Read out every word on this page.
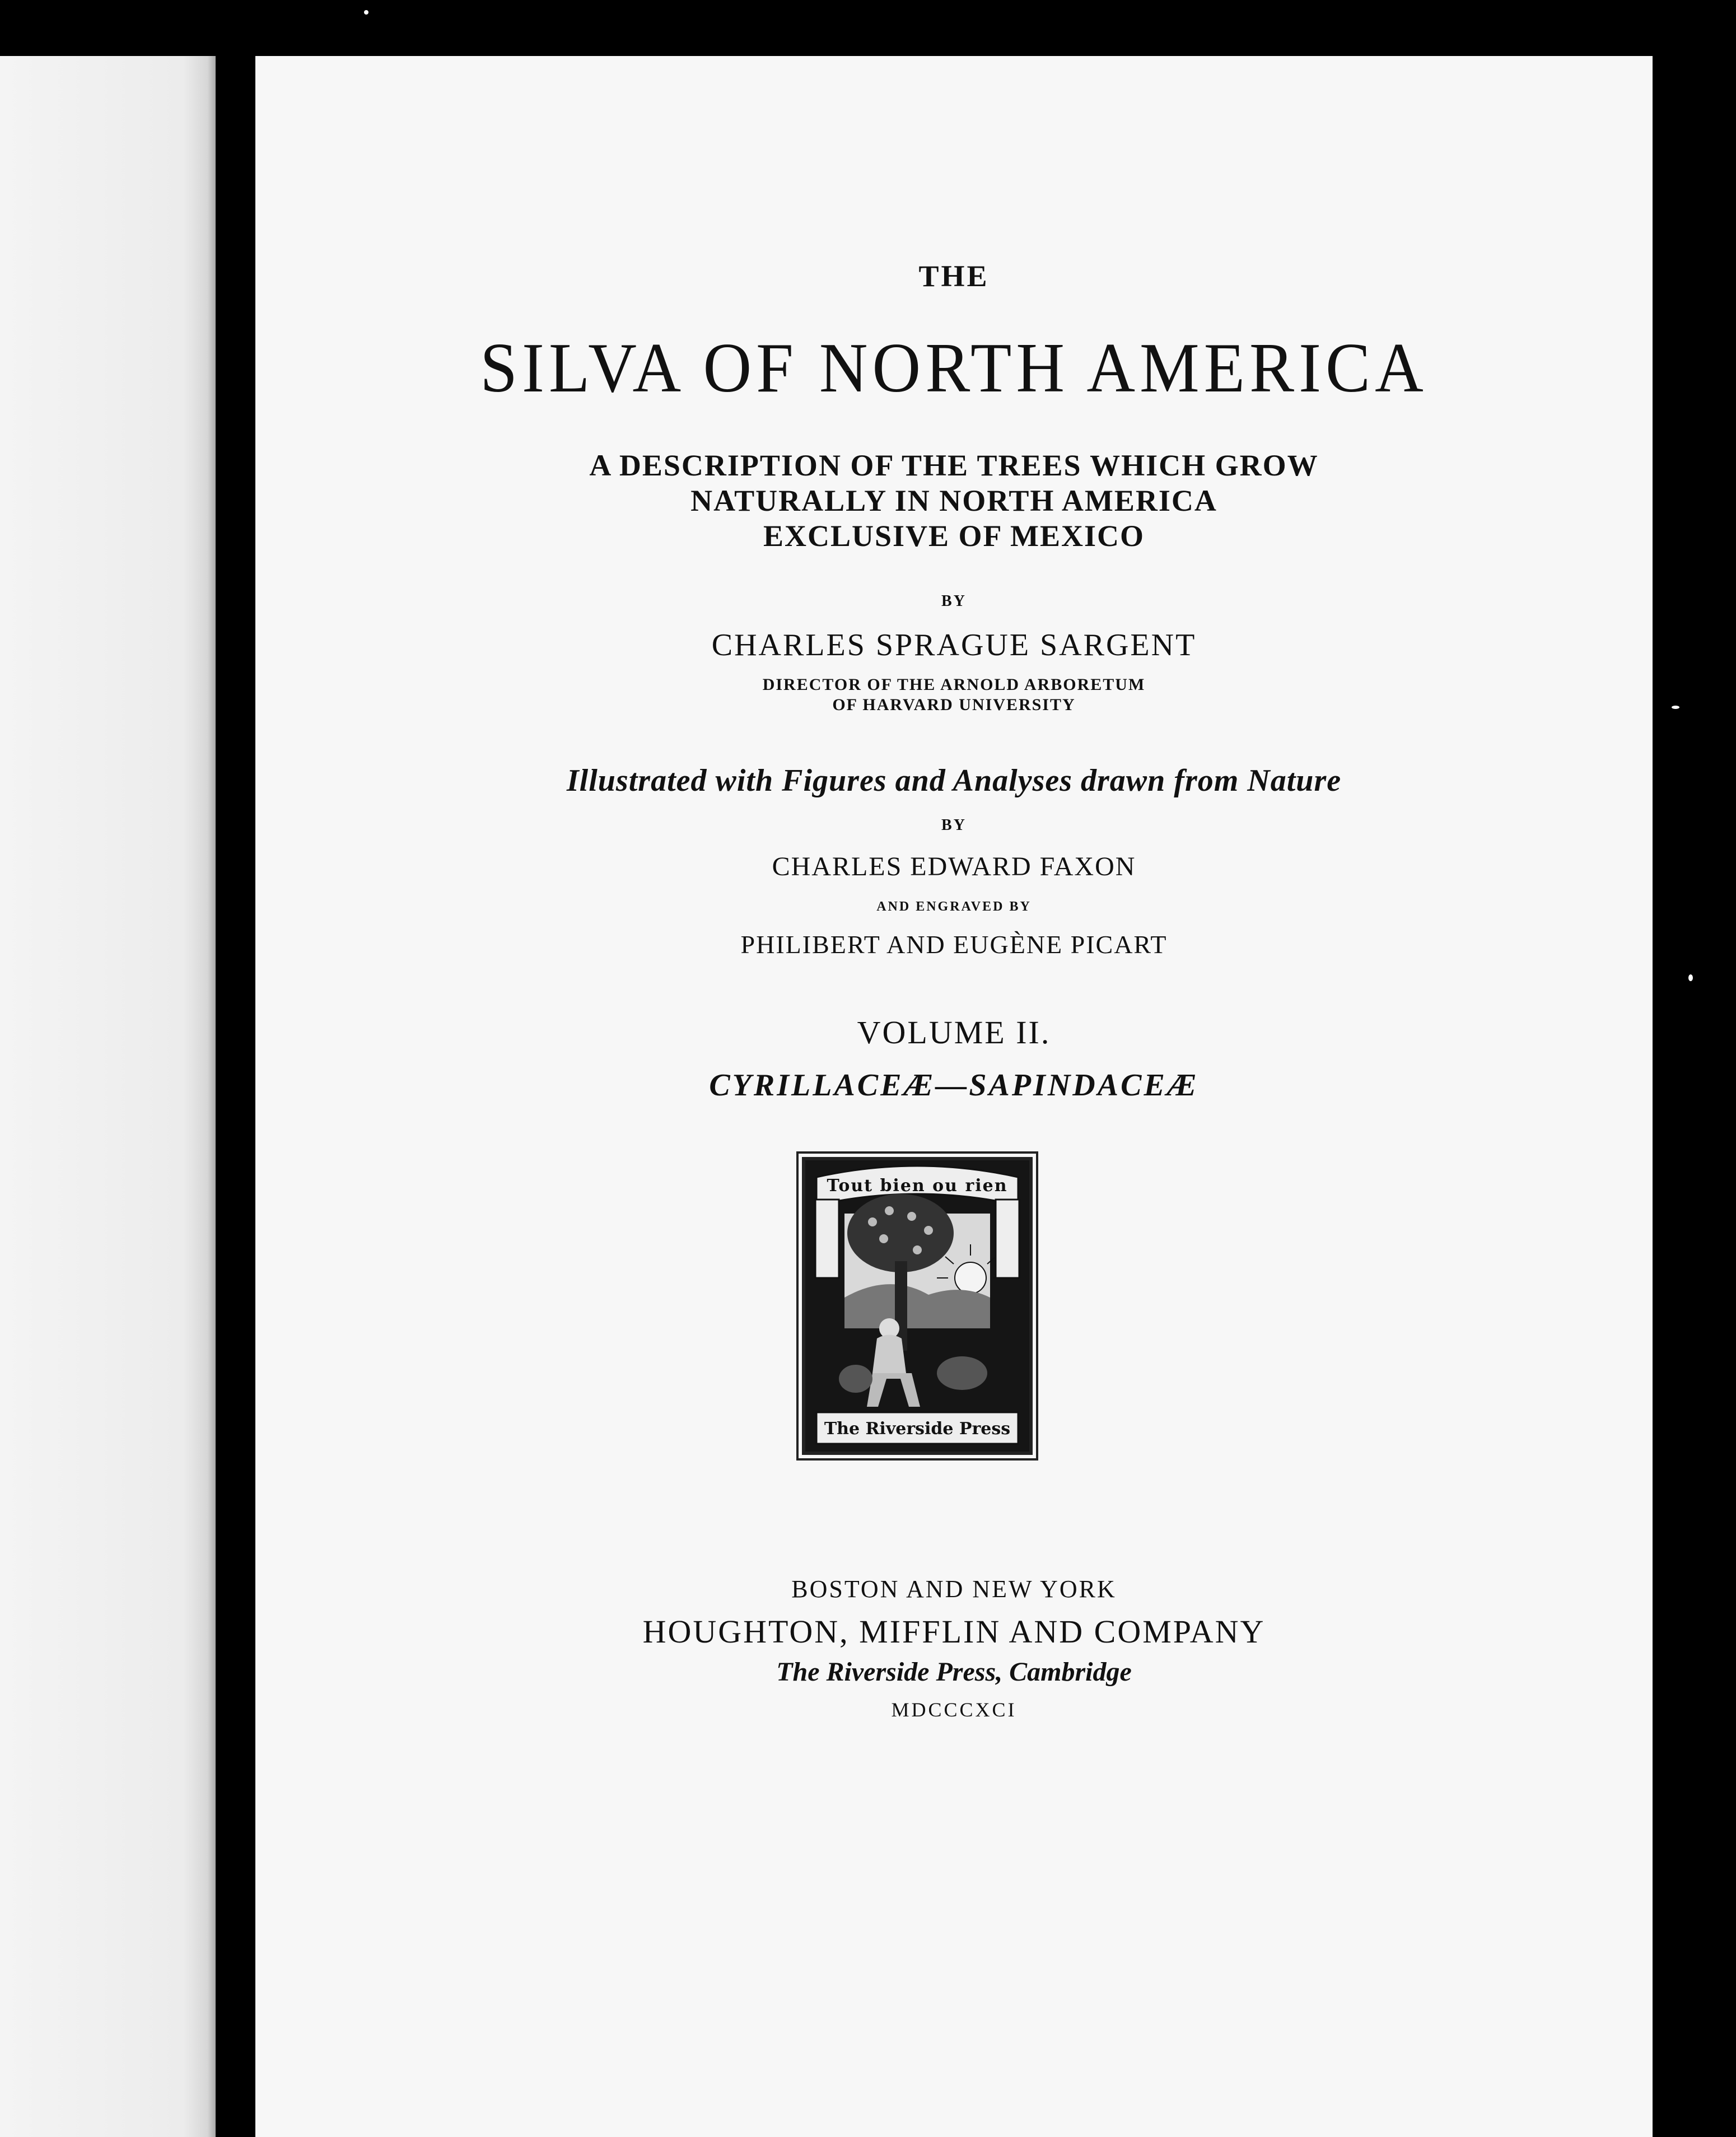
THE
SILVA OF NORTH AMERICA
A DESCRIPTION OF THE TREES WHICH GROW
NATURALLY IN NORTH AMERICA
EXCLUSIVE OF MEXICO
BY
CHARLES SPRAGUE SARGENT
DIRECTOR OF THE ARNOLD ARBORETUM
OF HARVARD UNIVERSITY
Illustrated with Figures and Analyses drawn from Nature
BY
CHARLES EDWARD FAXON
AND ENGRAVED BY
PHILIBERT AND EUGÈNE PICART
VOLUME II.
CYRILLACEÆ—SAPINDACEÆ
Tout bien ou rien
The Riverside Press
BOSTON AND NEW YORK
HOUGHTON, MIFFLIN AND COMPANY
The Riverside Press, Cambridge
MDCCCXCI
